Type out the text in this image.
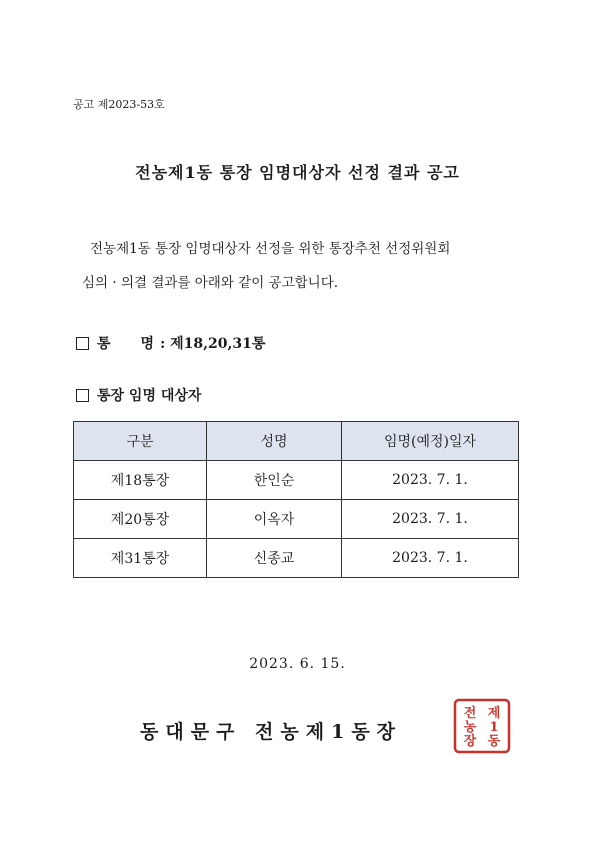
공고 제2023-53호
전농제1동 통장 임명대상자 선정 결과 공고
전농제1동 통장 임명대상자 선정을 위한 통장추천 선정위원회
심의 · 의결 결과를 아래와 같이 공고합니다.
통 명 : 제18,20,31통
통장 임명 대상자
구분	성명	임명(예정)일자
제18통장	한인순	2023. 7. 1.
제20통장	이옥자	2023. 7. 1.
제31통장	신종교	2023. 7. 1.
2023. 6. 15.
동대문구 전농제1동장
제
1
동
전
농
장
